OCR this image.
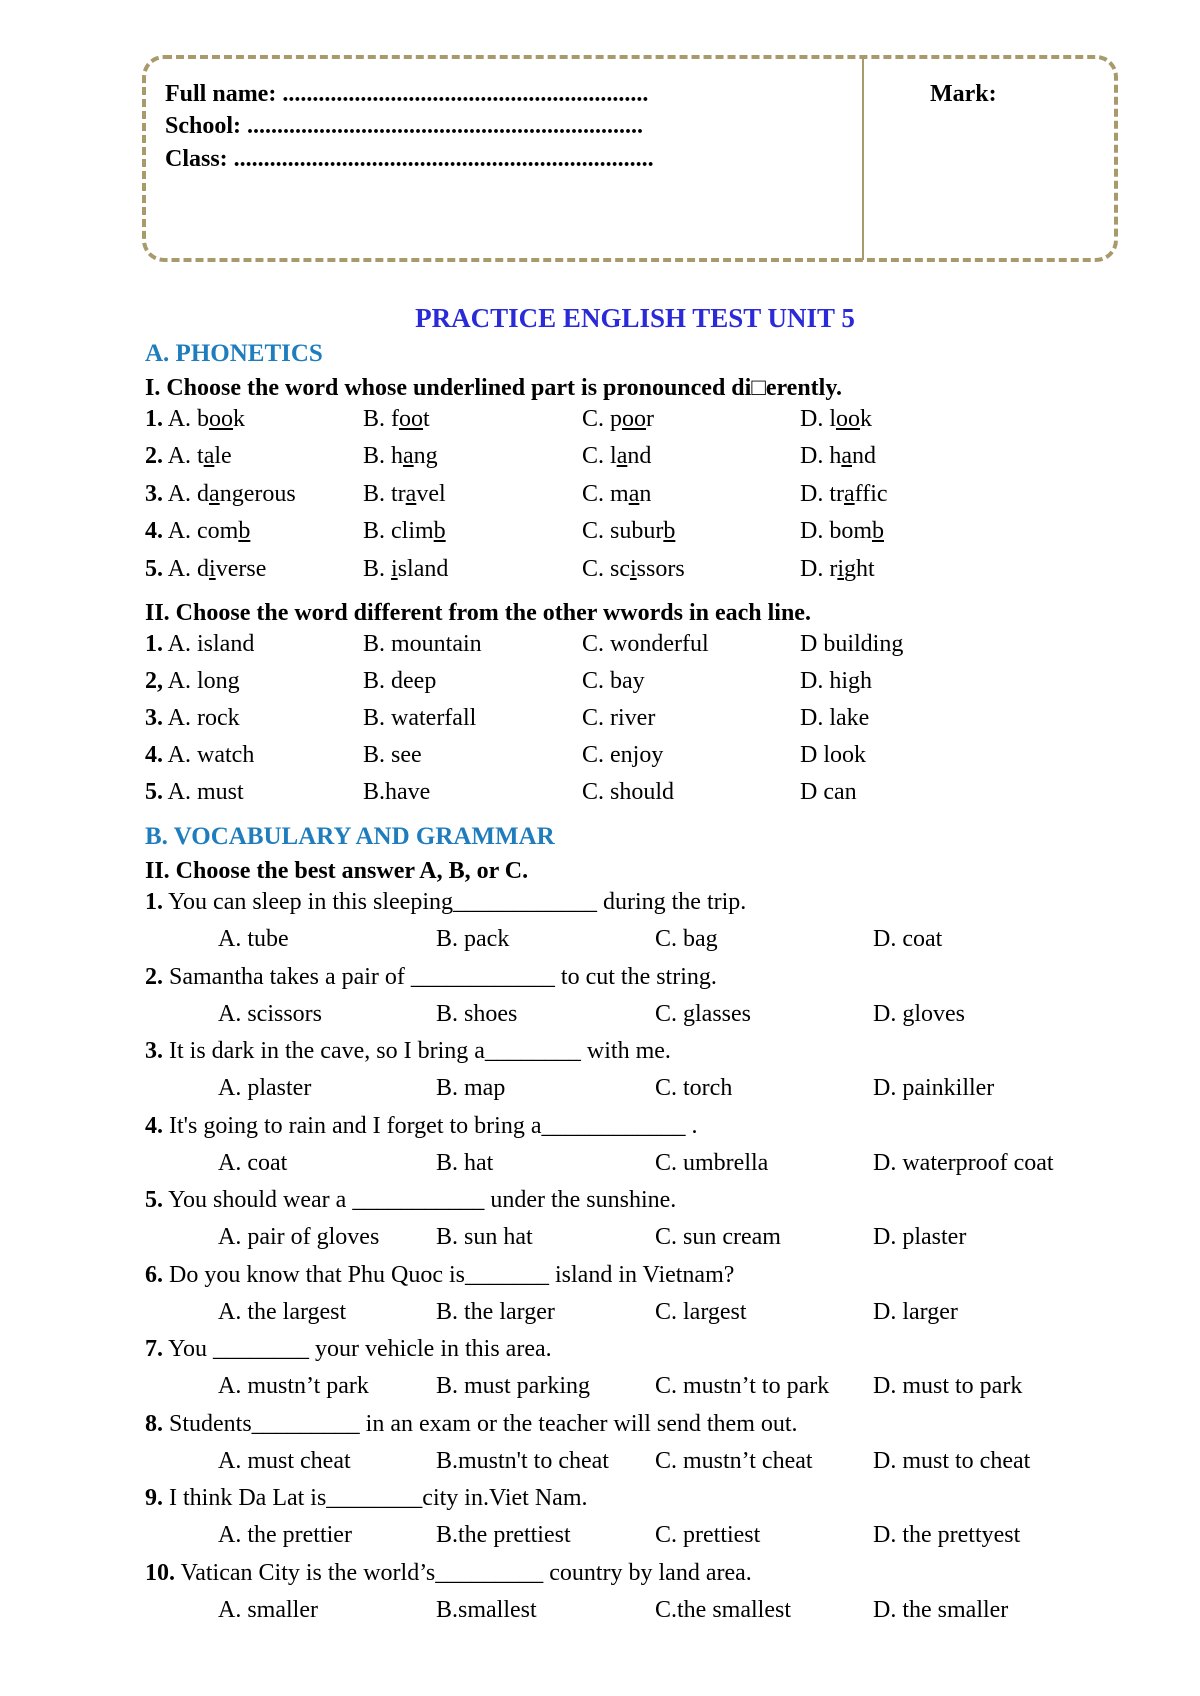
Full name: .............................................................
School: ..................................................................
Class: ......................................................................
Mark:
PRACTICE ENGLISH TEST UNIT 5
A. PHONETICS
I. Choose the word whose underlined part is pronounced di□erently.
1. A. book	B. foot	C. poor	D. look
2. A. tale	B. hang	C. land	D. hand
3. A. dangerous	B. travel	C. man	D. traffic
4. A. comb	B. climb	C. suburb	D. bomb
5. A. diverse	B. island	C. scissors	D. right
II. Choose the word different from the other wwords in each line.
1. A. island	B. mountain	C. wonderful	D building
2, A. long	B. deep	C. bay	D. high
3. A. rock	B. waterfall	C. river	D. lake
4. A. watch	B. see	C. enjoy	D look
5. A. must	B.have	C. should	D can
B. VOCABULARY AND GRAMMAR
II. Choose the best answer A, B, or C.
1. You can sleep in this sleeping____________ during the trip.
A. tube	B. pack	C. bag	D. coat
2. Samantha takes a pair of ____________ to cut the string.
A. scissors	B. shoes	C. glasses	D. gloves
3. It is dark in the cave, so I bring a________ with me.
A. plaster	B. map	C. torch	D. painkiller
4. It's going to rain and I forget to bring a____________ .
A. coat	B. hat	C. umbrella	D. waterproof coat
5. You should wear a ___________ under the sunshine.
A. pair of gloves B. sun hat	C. sun cream	D. plaster
6. Do you know that Phu Quoc is_______ island in Vietnam?
A. the largest	B. the larger	C. largest	D. larger
7. You ________ your vehicle in this area.
A. mustn’t park	B. must parking	C. mustn’t to park D. must to park
8. Students_________ in an exam or the teacher will send them out.
A. must cheat	B.mustn't to cheat C. mustn’t cheat	D. must to cheat
9. I think Da Lat is________city in.Viet Nam.
A. the prettier	B.the prettiest	C. prettiest	D. the prettyest
10. Vatican City is the world’s_________ country by land area.
A. smaller	B.smallest	C.the smallest	D. the smaller
